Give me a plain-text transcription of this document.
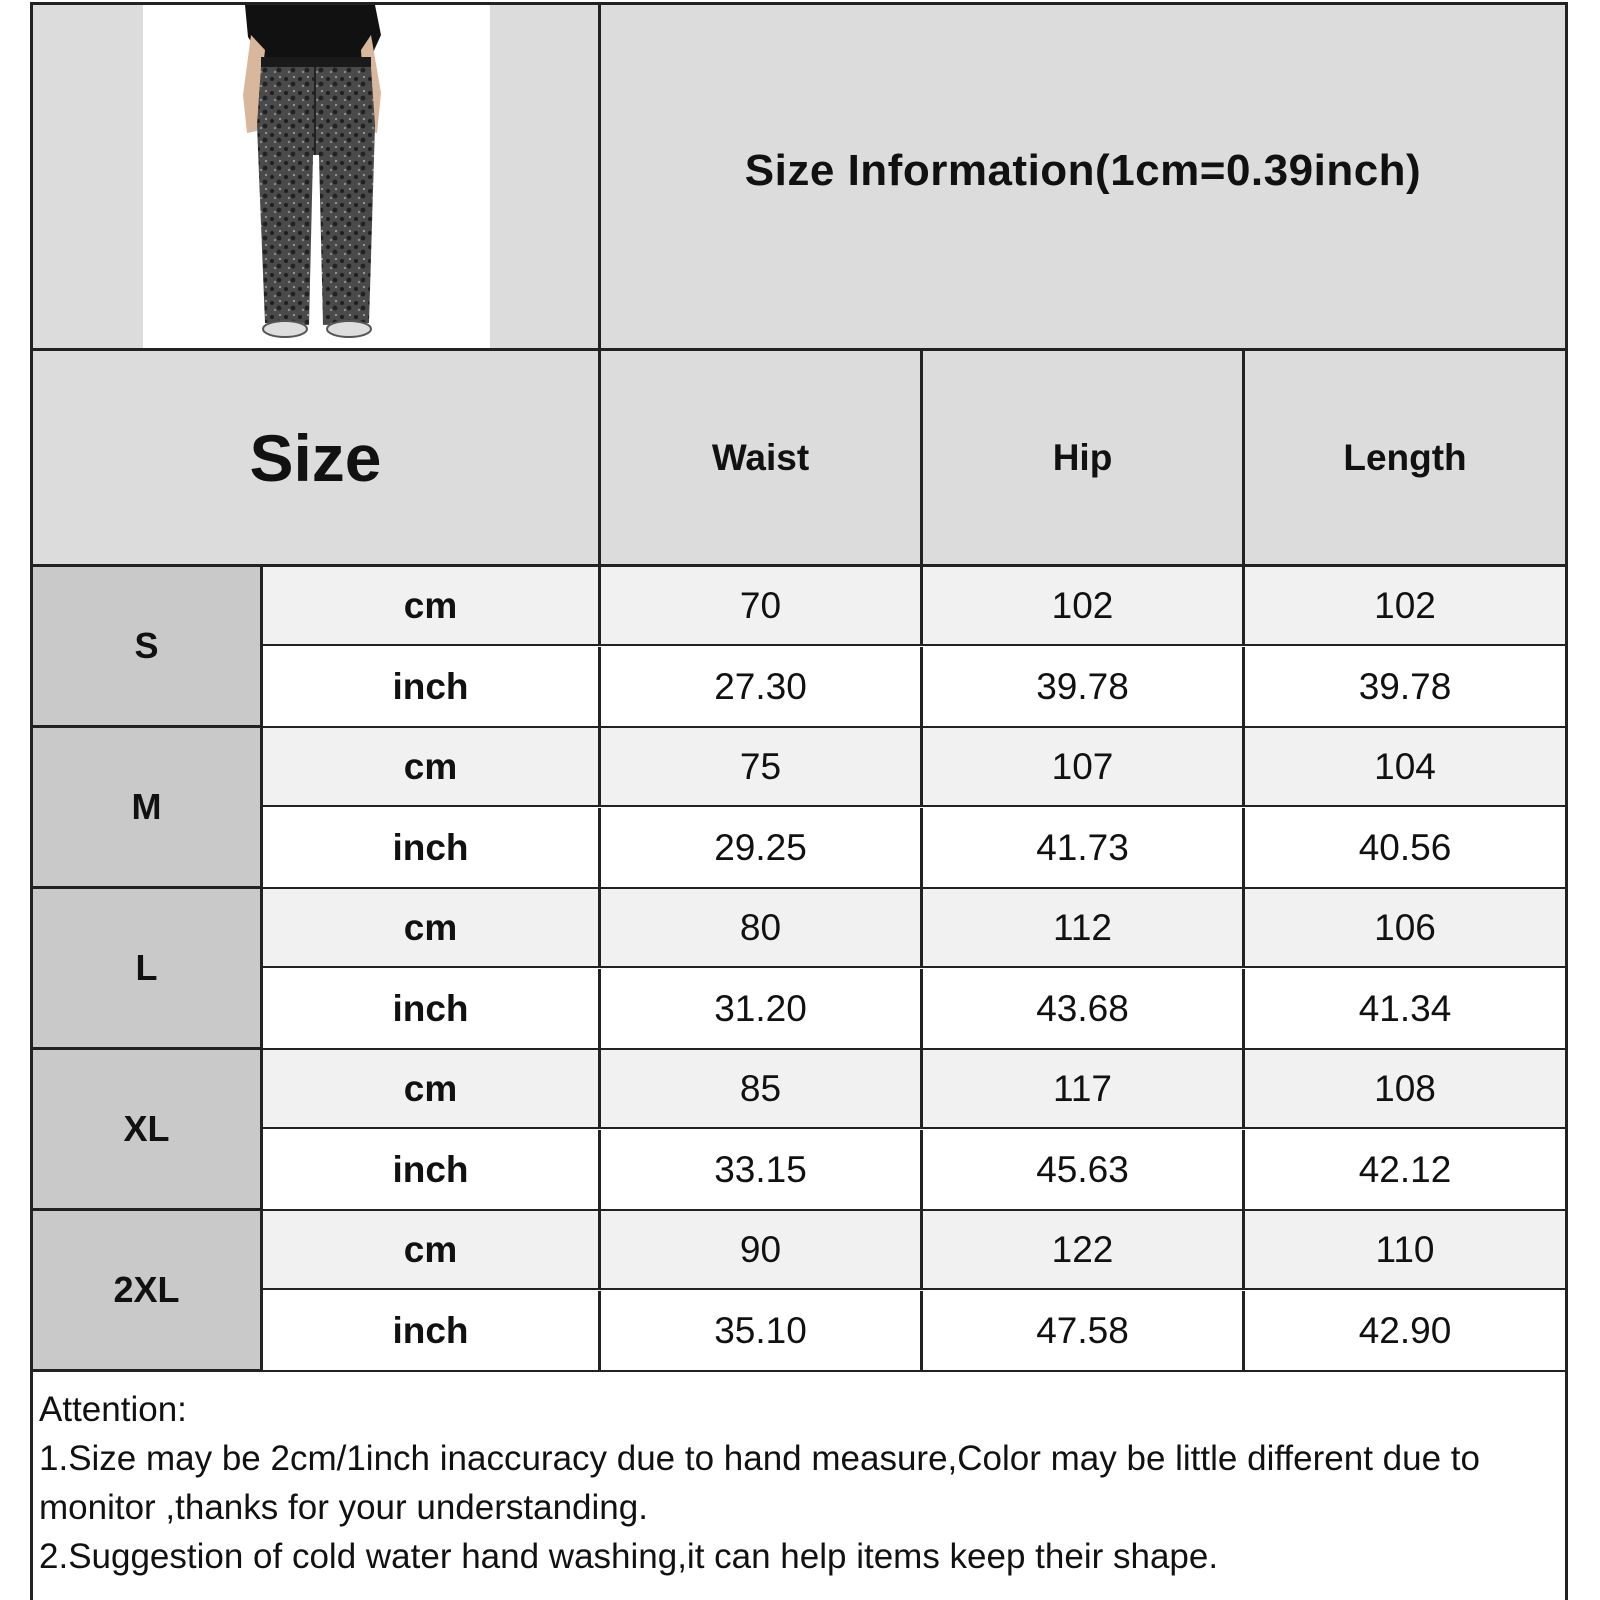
Size Information(1cm=0.39inch)
Size	Waist	Hip	Length
S
cm	70	102	102
inch	27.30	39.78	39.78
M
cm	75	107	104
inch	29.25	41.73	40.56
L
cm	80	112	106
inch	31.20	43.68	41.34
XL
cm	85	117	108
inch	33.15	45.63	42.12
2XL
cm	90	122	110
inch	35.10	47.58	42.90

Attention:

1.Size may be 2cm/1inch inaccuracy due to hand measure,Color may be little different due to monitor ,thanks for your understanding.

2.Suggestion of cold water hand washing,it can help items keep their shape.
